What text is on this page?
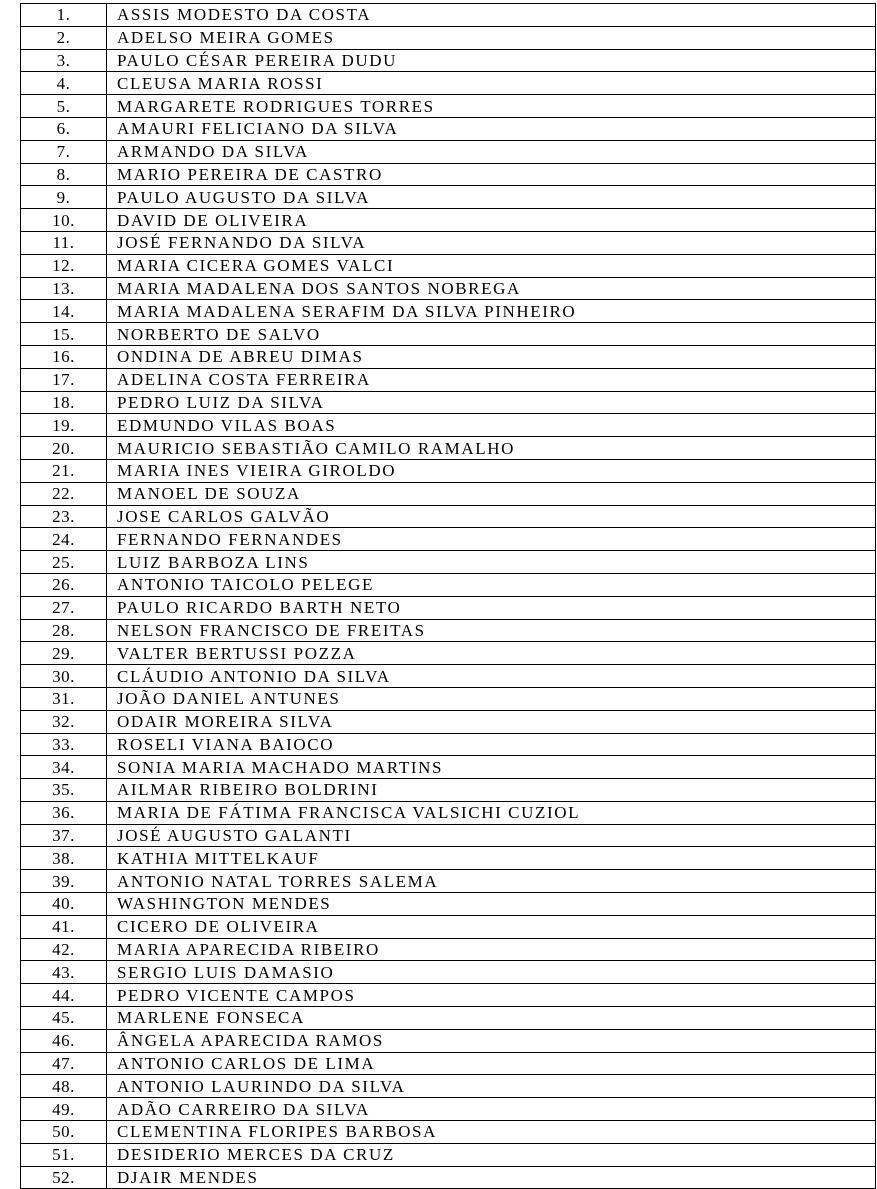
1.	ASSIS MODESTO DA COSTA
2.	ADELSO MEIRA GOMES
3.	PAULO CÉSAR PEREIRA DUDU
4.	CLEUSA MARIA ROSSI
5.	MARGARETE RODRIGUES TORRES
6.	AMAURI FELICIANO DA SILVA
7.	ARMANDO DA SILVA
8.	MARIO PEREIRA DE CASTRO
9.	PAULO AUGUSTO DA SILVA
10.	DAVID DE OLIVEIRA
11.	JOSÉ FERNANDO DA SILVA
12.	MARIA CICERA GOMES VALCI
13.	MARIA MADALENA DOS SANTOS NOBREGA
14.	MARIA MADALENA SERAFIM DA SILVA PINHEIRO
15.	NORBERTO DE SALVO
16.	ONDINA DE ABREU DIMAS
17.	ADELINA COSTA FERREIRA
18.	PEDRO LUIZ DA SILVA
19.	EDMUNDO VILAS BOAS
20.	MAURICIO SEBASTIÃO CAMILO RAMALHO
21.	MARIA INES VIEIRA GIROLDO
22.	MANOEL DE SOUZA
23.	JOSE CARLOS GALVÃO
24.	FERNANDO FERNANDES
25.	LUIZ BARBOZA LINS
26.	ANTONIO TAICOLO PELEGE
27.	PAULO RICARDO BARTH NETO
28.	NELSON FRANCISCO DE FREITAS
29.	VALTER BERTUSSI POZZA
30.	CLÁUDIO ANTONIO DA SILVA
31.	JOÃO DANIEL ANTUNES
32.	ODAIR MOREIRA SILVA
33.	ROSELI VIANA BAIOCO
34.	SONIA MARIA MACHADO MARTINS
35.	AILMAR RIBEIRO BOLDRINI
36.	MARIA DE FÁTIMA FRANCISCA VALSICHI CUZIOL
37.	JOSÉ AUGUSTO GALANTI
38.	KATHIA MITTELKAUF
39.	ANTONIO NATAL TORRES SALEMA
40.	WASHINGTON MENDES
41.	CICERO DE OLIVEIRA
42.	MARIA APARECIDA RIBEIRO
43.	SERGIO LUIS DAMASIO
44.	PEDRO VICENTE CAMPOS
45.	MARLENE FONSECA
46.	ÂNGELA APARECIDA RAMOS
47.	ANTONIO CARLOS DE LIMA
48.	ANTONIO LAURINDO DA SILVA
49.	ADÃO CARREIRO DA SILVA
50.	CLEMENTINA FLORIPES BARBOSA
51.	DESIDERIO MERCES DA CRUZ
52.	DJAIR MENDES
